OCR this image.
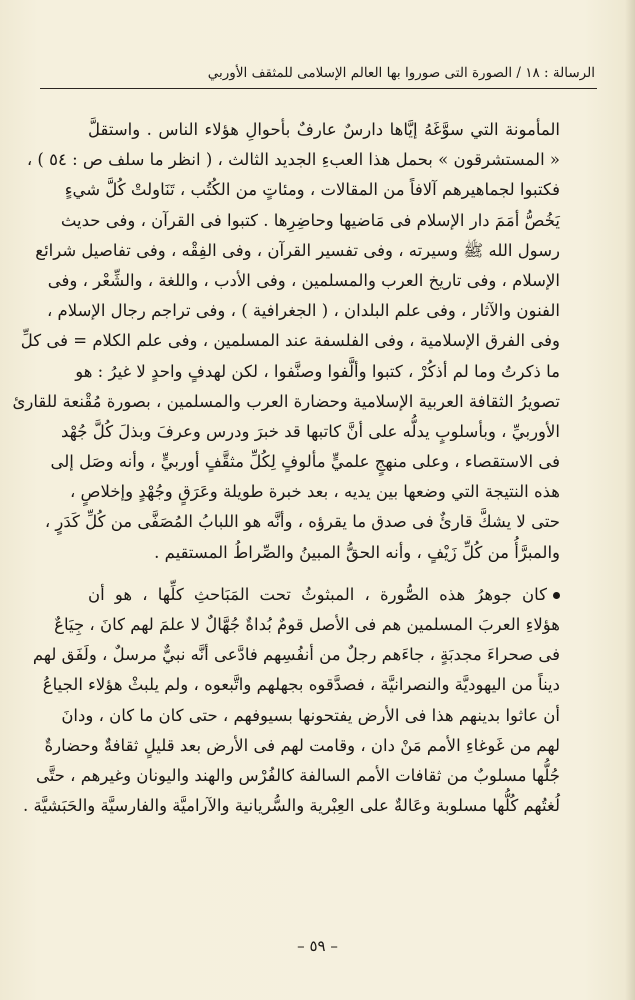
الرسالة : ١٨ / الصورة التى صوروا بها العالم الإسلامى للمثقف الأوربي
المأمونة التي سوَّغَهُ إيَّاها دارسٌ عارفٌ بأحوالِ هؤلاء الناس . واستقلَّ
« المستشرقون » بحمل هذا العبءِ الجديد الثالث ، ( انظر ما سلف ص : ٥٤ ) ،
فكتبوا لجماهيرهم آلافاً من المقالات ، ومئاتٍ من الكُتُب ، تَنَاولتْ كُلَّ شيءٍ
يَخُصُّ أمَمَ دار الإسلام فى مَاضيها وحاضِرِها . كتبوا فى القرآن ، وفى حديث
رسول الله ﷺ وسيرته ، وفى تفسير القرآن ، وفى الفِقْه ، وفى تفاصيل شرائع
الإسلام ، وفى تاريخ العرب والمسلمين ، وفى الأدب ، واللغة ، والشِّعْر ، وفى
الفنون والآثار ، وفى علم البلدان ، ( الجغرافية ) ، وفى تراجم رجال الإسلام ،
وفى الفرق الإسلامية ، وفى الفلسفة عند المسلمين ، وفى علم الكلام = فى كلِّ
ما ذكرتُ وما لم أذكُرْ ، كتبوا وألَّفوا وصنَّفوا ، لكن لهدفٍ واحدٍ لا غيرُ : هو
تصويرُ الثقافة العربية الإسلامية وحضارة العرب والمسلمين ، بصورة مُقْنعة للقارئ
الأوربيِّ ، وبأسلوبٍ يدلُّه على أنَّ كاتبها قد خبرَ ودرس وعرفَ وبذلَ كُلَّ جُهْد
فى الاستقصاء ، وعلى منهجٍ علميٍّ مألوفٍ لِكُلِّ مثقَّفٍ أوربيٍّ ، وأنه وصَل إلى
هذه النتيجة التي وضعها بين يديه ، بعد خبرة طويلة وعَرَقٍ وجُهْدٍ وإخلاصٍ ،
حتى لا يشكَّ قارئٌ فى صدق ما يقرؤه ، وأنَّه هو اللبابُ المُصَفَّى من كُلِّ كَدَرٍ ،
والمبرَّأُ من كُلِّ زَيْفٍ ، وأنه الحقُّ المبينُ والصِّراطُ المستقيم .
كان جوهرُ هذه الصُّورة ، المبثوثُ تحت المَبَاحثِ كلِّها ، هو أن
هؤلاءِ العربَ المسلمين هم فى الأصل قومٌ بُداةٌ جُهَّالٌ لا علمَ لهم كانَ ، جِيَاعٌ
فى صحراءَ مجدبَةٍ ، جاءَهم رجلٌ من أنفُسِهم فادَّعى أنَّه نبيٌّ مرسلٌ ، ولَفَق لهم
ديناً من اليهوديَّة والنصرانيَّة ، فصدَّقوه بجهلهم واتَّبعوه ، ولم يلبثْ هؤلاء الجياعُ
أن عاثوا بدينهم هذا فى الأرض يفتحونها بسيوفهم ، حتى كان ما كان ، ودانَ
لهم من غَوغاءِ الأمم مَنْ دان ، وقامت لهم فى الأرض بعد قليلٍ ثقافةٌ وحضارةٌ
جُلُّها مسلوبٌ من ثقافات الأمم السالفة كالفُرْس والهند واليونان وغيرهم ، حتَّى
لُغتُهم كُلُّها مسلوبة وعَالةٌ على العِبْرية والسُّريانية والآراميَّة والفارسيَّة والحَبَشيَّة .
– ٥٩ –
